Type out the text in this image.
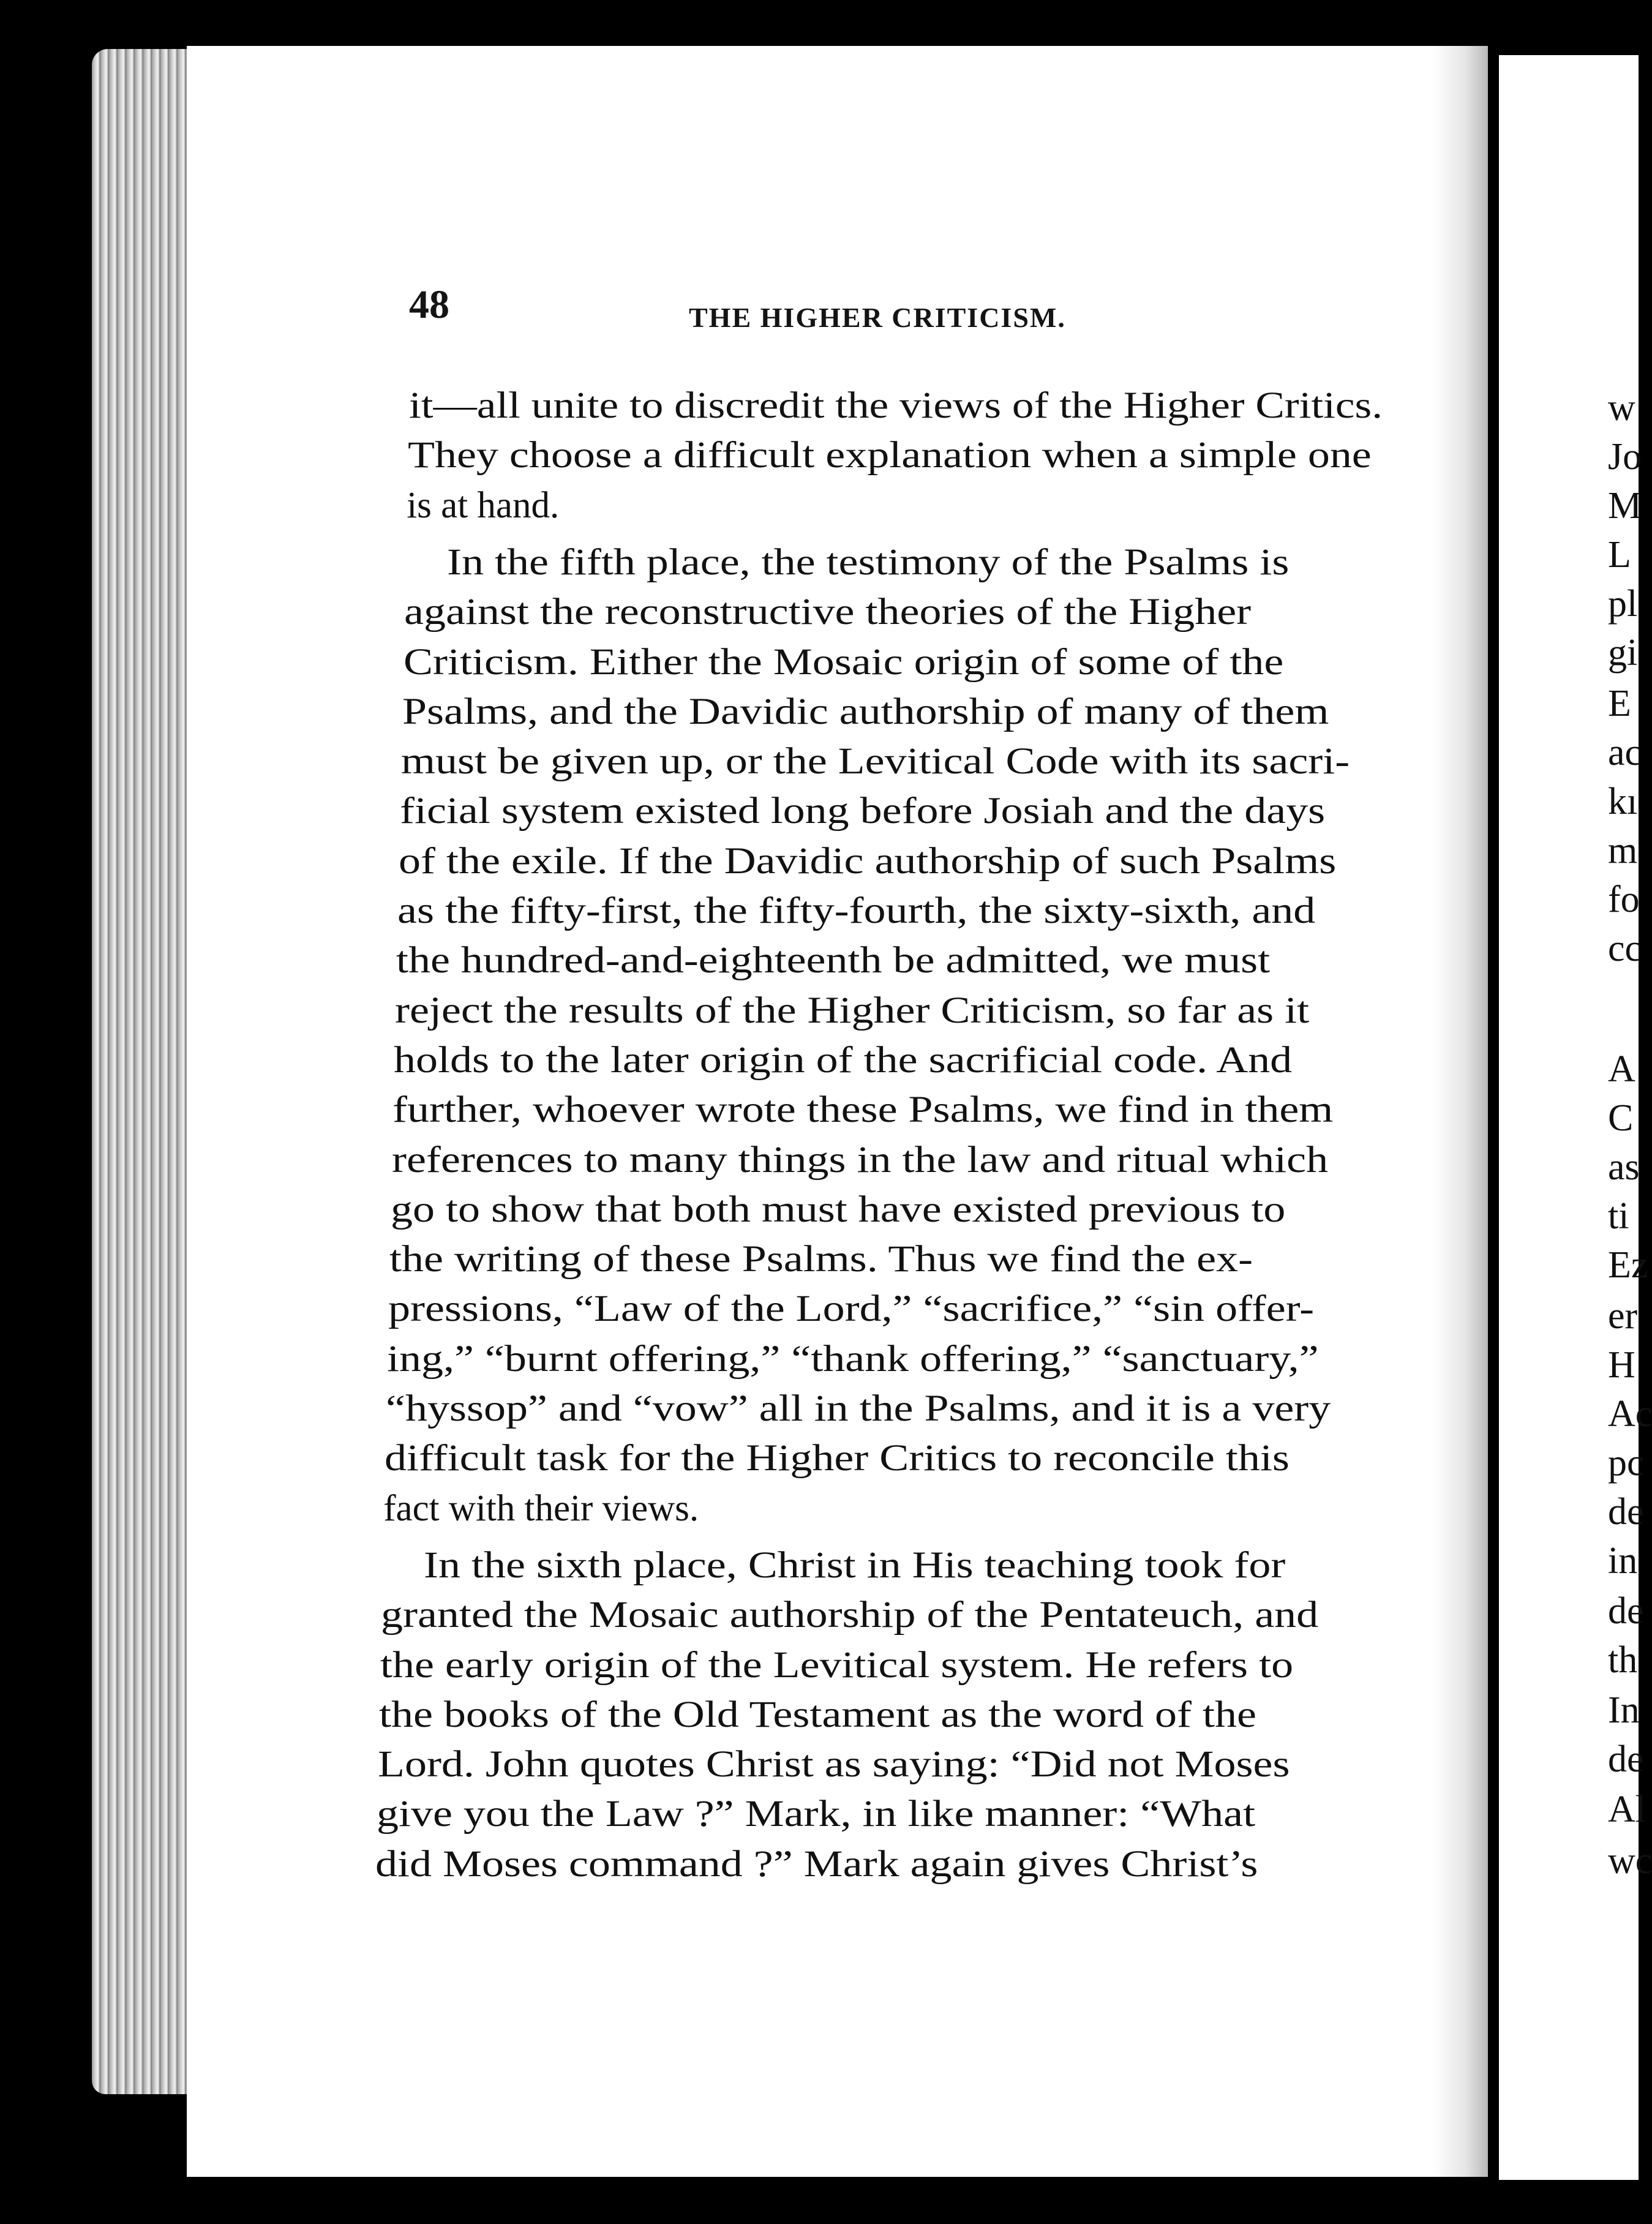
48	THE HIGHER CRITICISM.
it—all unite to discredit the views of the Higher Critics.
They choose a difficult explanation when a simple one
is at hand.
In the fifth place, the testimony of the Psalms is
against the reconstructive theories of the Higher
Criticism. Either the Mosaic origin of some of the
Psalms, and the Davidic authorship of many of them
must be given up, or the Levitical Code with its sacri-
ficial system existed long before Josiah and the days
of the exile. If the Davidic authorship of such Psalms
as the fifty-first, the fifty-fourth, the sixty-sixth, and
the hundred-and-eighteenth be admitted, we must
reject the results of the Higher Criticism, so far as it
holds to the later origin of the sacrificial code. And
further, whoever wrote these Psalms, we find in them
references to many things in the law and ritual which
go to show that both must have existed previous to
the writing of these Psalms. Thus we find the ex-
pressions, “Law of the Lord,” “sacrifice,” “sin offer-
ing,” “burnt offering,” “thank offering,” “sanctuary,”
“hyssop” and “vow” all in the Psalms, and it is a very
difficult task for the Higher Critics to reconcile this
fact with their views.
In the sixth place, Christ in His teaching took for
granted the Mosaic authorship of the Pentateuch, and
the early origin of the Levitical system. He refers to
the books of the Old Testament as the word of the
Lord. John quotes Christ as saying: “Did not Moses
give you the Law ?” Mark, in like manner: “What
did Moses command ?” Mark again gives Christ’s
w
Jo
M
L
pl
gi
E
ac
kı
m
fo
cc
A
C
as
ti
Ez
er
H
Ac
pc
de
in
de
th
In
de
Al
wc
